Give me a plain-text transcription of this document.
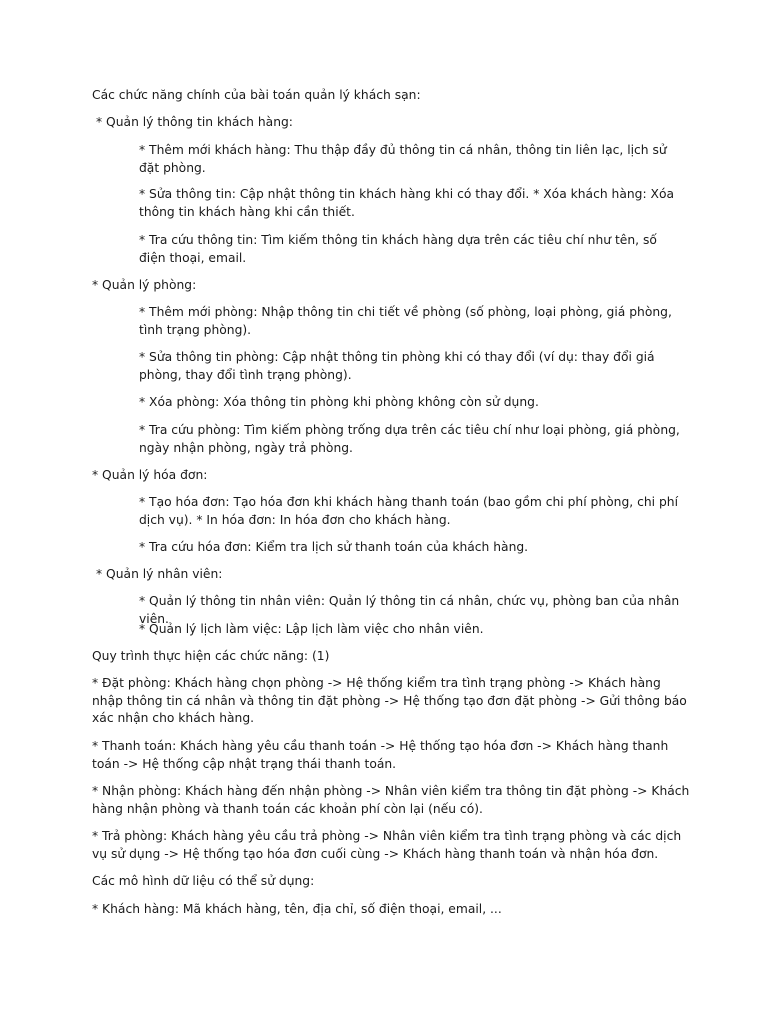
Các chức năng chính của bài toán quản lý khách sạn:

* Quản lý thông tin khách hàng:

* Thêm mới khách hàng: Thu thập đầy đủ thông tin cá nhân, thông tin liên lạc, lịch sử đặt phòng.

* Sửa thông tin: Cập nhật thông tin khách hàng khi có thay đổi. * Xóa khách hàng: Xóa thông tin khách hàng khi cần thiết.

* Tra cứu thông tin: Tìm kiếm thông tin khách hàng dựa trên các tiêu chí như tên, số điện thoại, email.

* Quản lý phòng:

* Thêm mới phòng: Nhập thông tin chi tiết về phòng (số phòng, loại phòng, giá phòng, tình trạng phòng).

* Sửa thông tin phòng: Cập nhật thông tin phòng khi có thay đổi (ví dụ: thay đổi giá phòng, thay đổi tình trạng phòng).

* Xóa phòng: Xóa thông tin phòng khi phòng không còn sử dụng.

* Tra cứu phòng: Tìm kiếm phòng trống dựa trên các tiêu chí như loại phòng, giá phòng, ngày nhận phòng, ngày trả phòng.

* Quản lý hóa đơn:

* Tạo hóa đơn: Tạo hóa đơn khi khách hàng thanh toán (bao gồm chi phí phòng, chi phí dịch vụ). * In hóa đơn: In hóa đơn cho khách hàng.

* Tra cứu hóa đơn: Kiểm tra lịch sử thanh toán của khách hàng.

* Quản lý nhân viên:

* Quản lý thông tin nhân viên: Quản lý thông tin cá nhân, chức vụ, phòng ban của nhân viên.

* Quản lý lịch làm việc: Lập lịch làm việc cho nhân viên.

Quy trình thực hiện các chức năng: (1)

* Đặt phòng: Khách hàng chọn phòng -> Hệ thống kiểm tra tình trạng phòng -> Khách hàng nhập thông tin cá nhân và thông tin đặt phòng -> Hệ thống tạo đơn đặt phòng -> Gửi thông báo xác nhận cho khách hàng.

* Thanh toán: Khách hàng yêu cầu thanh toán -> Hệ thống tạo hóa đơn -> Khách hàng thanh toán -> Hệ thống cập nhật trạng thái thanh toán.

* Nhận phòng: Khách hàng đến nhận phòng -> Nhân viên kiểm tra thông tin đặt phòng -> Khách hàng nhận phòng và thanh toán các khoản phí còn lại (nếu có).

* Trả phòng: Khách hàng yêu cầu trả phòng -> Nhân viên kiểm tra tình trạng phòng và các dịch vụ sử dụng -> Hệ thống tạo hóa đơn cuối cùng -> Khách hàng thanh toán và nhận hóa đơn.

Các mô hình dữ liệu có thể sử dụng:

* Khách hàng: Mã khách hàng, tên, địa chỉ, số điện thoại, email, ...
